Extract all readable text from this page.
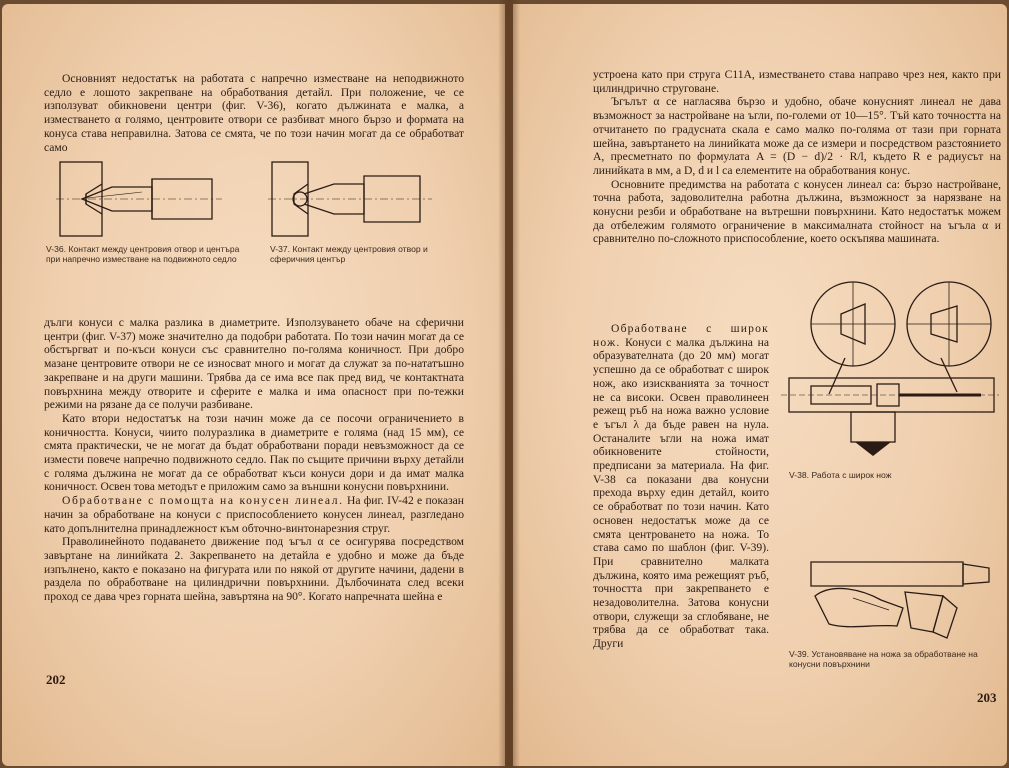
Основният недостатък на работата с напречно изместване на неподвижното седло е лошото закрепване на обработвания детайл. При положение, че се използуват обикновени центри (фиг. V-36), когато дължината е малка, а изместването α голямо, центровите отвори се разбиват много бързо и формата на конуса става неправилна. Затова се смята, че по този начин могат да се обработват само

V-36. Контакт между центровия отвор и центъра при напречно изместване на подвижното седло
V-37. Контакт между центровия отвор и сферичния център

дълги конуси с малка разлика в диаметрите. Използуването обаче на сферични центри (фиг. V-37) може значително да подобри работата. По този начин могат да се обстъргват и по-къси конуси със сравнително по-голяма коничност. При добро мазане центровите отвори не се износват много и могат да служат за по-нататъшно закрепване и на други машини. Трябва да се има все пак пред вид, че контактната повърхнина между отворите и сферите е малка и има опасност при по-тежки режими на рязане да се получи разбиване.

Като втори недостатък на този начин може да се посочи ограничението в коничността. Конуси, чиито полуразлика в диаметрите е голяма (над 15 мм), се смята практически, че не могат да бъдат обработвани поради невъзможност да се измести повече напречно подвижното седло. Пак по същите причини върху детайли с голяма дължина не могат да се обработват къси конуси дори и да имат малка коничност. Освен това методът е приложим само за външни конусни повърхнини.

Обработване с помощта на конусен линеал. На фиг. IV-42 е показан начин за обработване на конуси с приспособлението конусен линеал, разгледано като допълнителна принадлежност към обточно-винтонарезния струг.

Праволинейното подаването движение под ъгъл α се осигурява посредством завъртане на линийката 2. Закрепването на детайла е удобно и може да бъде изпълнено, както е показано на фигурата или по някой от другите начини, дадени в раздела по обработване на цилиндрични повърхнини. Дълбочината след всеки проход се дава чрез горната шейна, завъртяна на 90°. Когато напречната шейна е

202

устроена като при струга С11А, изместването става направо чрез нея, както при цилиндрично струговане.

Ъгълът α се нагласява бързо и удобно, обаче конусният линеал не дава възможност за настройване на ъгли, по-големи от 10—15°. Тъй като точността на отчитането по градусната скала е само малко по-голяма от тази при горната шейна, завъртането на линийката може да се измери и посредством разстоянието A, пресметнато по формулата A = (D − d)/2 · R/l, където R е радиусът на линийката в мм, а D, d и l са елементите на обработвания конус.

Основните предимства на работата с конусен линеал са: бързо настройване, точна работа, задоволителна работна дължина, възможност за нарязване на конусни резби и обработване на вътрешни повърхнини. Като недостатък можем да отбележим голямото ограничение в максималната стойност на ъгъла α и сравнително по-сложното приспособление, което оскъпява машината.

Обработване с широк нож. Конуси с малка дължина на образувателната (до 20 мм) могат успешно да се обработват с широк нож, ако изискванията за точност не са високи. Освен праволинеен режещ ръб на ножа важно условие е ъгъл λ да бъде равен на нула. Останалите ъгли на ножа имат обикновените стойности, предписани за материала. На фиг. V-38 са показани два конусни прехода върху един детайл, които се обработват по този начин. Като основен недостатък може да се смята центроването на ножа. То става само по шаблон (фиг. V-39). При сравнително малката дължина, която има режещият ръб, точността при закрепването е незадоволителна. Затова конусни отвори, служещи за сглобяване, не трябва да се обработват така. Други

V-38. Работа с широк нож
V-39. Установяване на ножа за обработване на конусни повърхнини
203
